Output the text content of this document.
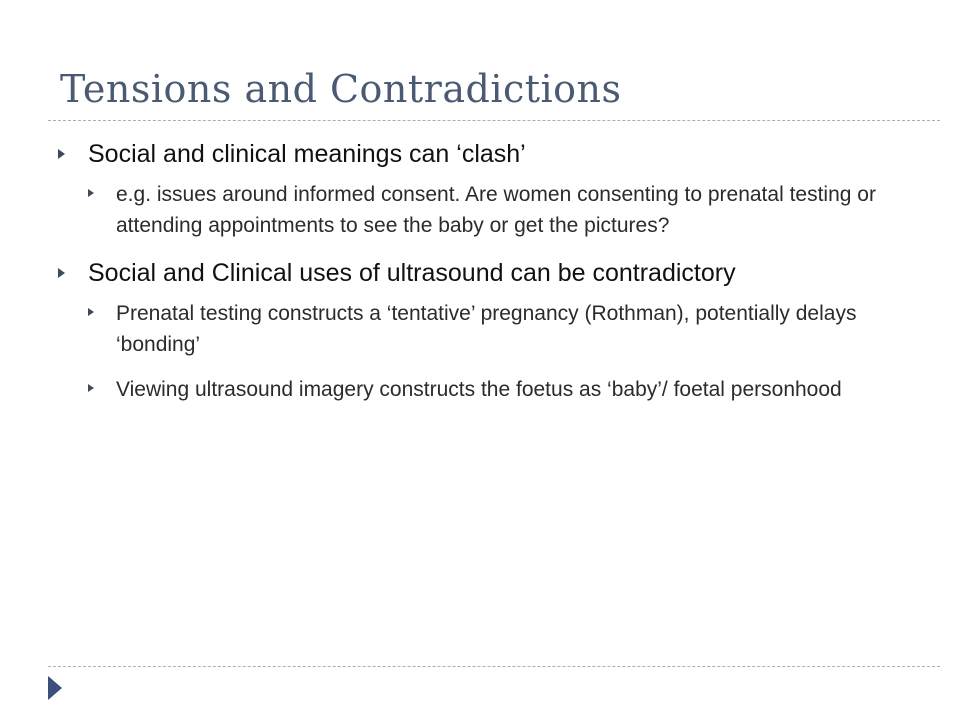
Tensions and Contradictions
Social and clinical meanings can ‘clash’
e.g. issues around informed consent. Are women consenting to prenatal testing or attending appointments to see the baby or get the pictures?
Social and Clinical uses of ultrasound can be contradictory
Prenatal testing constructs a ‘tentative’ pregnancy (Rothman), potentially delays ‘bonding’
Viewing ultrasound imagery constructs the foetus as ‘baby’/ foetal personhood
